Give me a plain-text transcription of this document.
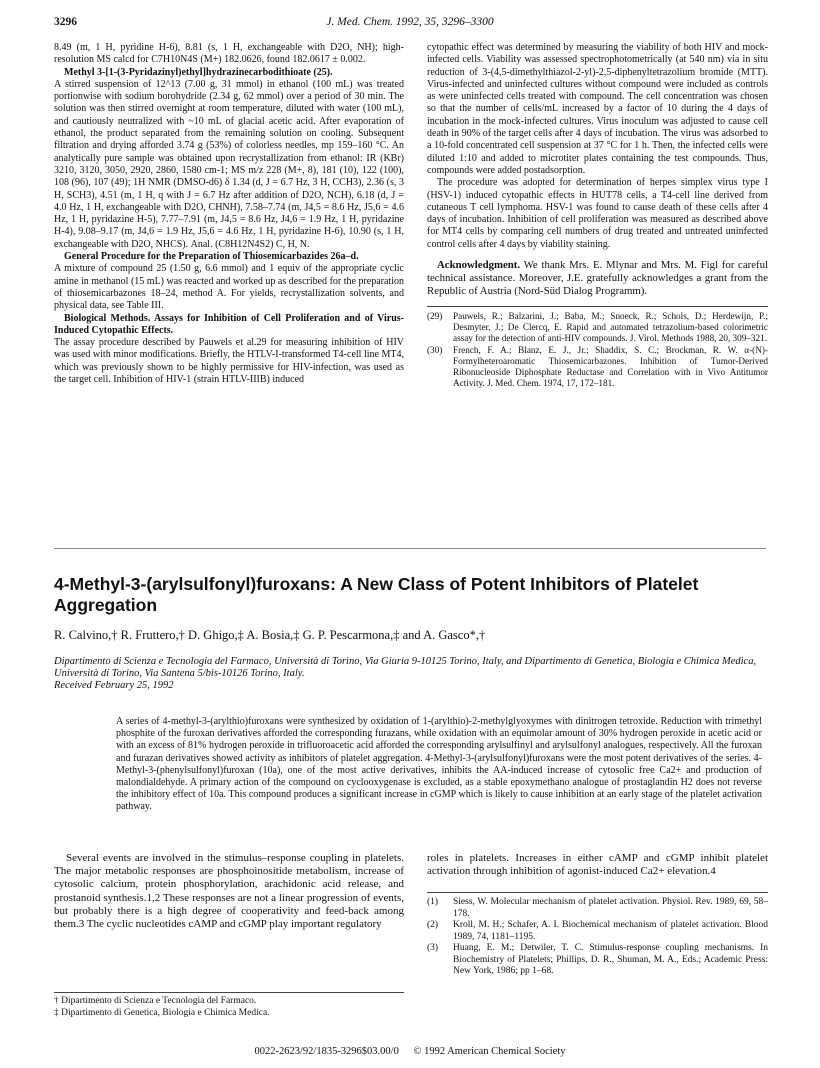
3296	J. Med. Chem. 1992, 35, 3296–3300

8.49 (m, 1 H, pyridine H-6), 8.81 (s, 1 H, exchangeable with D2O, NH); high-resolution MS calcd for C7H10N4S (M+) 182.0626, found 182.0617 ± 0.002.

Methyl 3-[1-(3-Pyridazinyl)ethyl]hydrazinecarbodithioate (25).

A stirred suspension of 12^13 (7.00 g, 31 mmol) in ethanol (100 mL) was treated portionwise with sodium borohydride (2.34 g, 62 mmol) over a period of 30 min. The solution was then stirred overnight at room temperature, diluted with water (100 mL), and cautiously neutralized with ~10 mL of glacial acetic acid. After evaporation of ethanol, the product separated from the remaining solution on cooling. Subsequent filtration and drying afforded 3.74 g (53%) of colorless needles, mp 159–160 °C. An analytically pure sample was obtained upon recrystallization from ethanol: IR (KBr) 3210, 3120, 3050, 2920, 2860, 1580 cm-1; MS m/z 228 (M+, 8), 181 (10), 122 (100), 108 (96), 107 (49); 1H NMR (DMSO-d6) δ 1.34 (d, J = 6.7 Hz, 3 H, CCH3), 2.36 (s, 3 H, SCH3), 4.51 (m, 1 H, q with J = 6.7 Hz after addition of D2O, NCH), 6.18 (d, J = 4.0 Hz, 1 H, exchangeable with D2O, CHNH), 7.58–7.74 (m, J4,5 = 8.6 Hz, J5,6 = 4.6 Hz, 1 H, pyridazine H-5), 7.77–7.91 (m, J4,5 = 8.6 Hz, J4,6 = 1.9 Hz, 1 H, pyridazine H-4), 9.08–9.17 (m, J4,6 = 1.9 Hz, J5,6 = 4.6 Hz, 1 H, pyridazine H-6), 10.90 (s, 1 H, exchangeable with D2O, NHCS). Anal. (C8H12N4S2) C, H, N.

General Procedure for the Preparation of Thiosemicarbazides 26a–d.

A mixture of compound 25 (1.50 g, 6.6 mmol) and 1 equiv of the appropriate cyclic amine in methanol (15 mL) was reacted and worked up as described for the preparation of thiosemicarbazones 18–24, method A. For yields, recrystallization solvents, and physical data, see Table III.

Biological Methods. Assays for Inhibition of Cell Proliferation and of Virus-Induced Cytopathic Effects.

The assay procedure described by Pauwels et al.29 for measuring inhibition of HIV was used with minor modifications. Briefly, the HTLV-I-transformed T4-cell line MT4, which was previously shown to be highly permissive for HIV-infection, was used as the target cell. Inhibition of HIV-1 (strain HTLV-IIIB) induced

cytopathic effect was determined by measuring the viability of both HIV and mock-infected cells. Viability was assessed spectrophotometrically (at 540 nm) via in situ reduction of 3-(4,5-dimethylthiazol-2-yl)-2,5-diphenyltetrazolium bromide (MTT). Virus-infected and uninfected cultures without compound were included as controls as were uninfected cells treated with compound. The cell concentration was chosen so that the number of cells/mL increased by a factor of 10 during the 4 days of incubation in the mock-infected cultures. Virus inoculum was adjusted to cause cell death in 90% of the target cells after 4 days of incubation. The virus was adsorbed to a 10-fold concentrated cell suspension at 37 °C for 1 h. Then, the infected cells were diluted 1:10 and added to microtiter plates containing the test compounds. Thus, compounds were added postadsorption.

The procedure was adopted for determination of herpes simplex virus type I (HSV-1) induced cytopathic effects in HUT78 cells, a T4-cell line derived from cutaneous T cell lymphoma. HSV-1 was found to cause death of these cells after 4 days of incubation. Inhibition of cell proliferation was measured as described above for MT4 cells by comparing cell numbers of drug treated and untreated uninfected control cells after 4 days by viability staining.

Acknowledgment. We thank Mrs. E. Mlynar and Mrs. M. Figl for careful technical assistance. Moreover, J.E. gratefully acknowledges a grant from the Republic of Austria (Nord-Süd Dialog Programm).

(29)	Pauwels, R.; Balzarini, J.; Baba, M.; Snoeck, R.; Schols, D.; Herdewijn, P.; Desmyter, J.; De Clercq, E. Rapid and automated tetrazolium-based colorimetric assay for the detection of anti-HIV compounds. J. Virol. Methods 1988, 20, 309–321.
(30)	French, F. A.; Blanz, E. J., Jr.; Shaddix, S. C.; Brockman, R. W. α-(N)-Formylheteroaromatic Thiosemicarbazones. Inhibition of Tumor-Derived Ribonucleoside Diphosphate Reductase and Correlation with in Vivo Antitumor Activity. J. Med. Chem. 1974, 17, 172–181.
4-Methyl-3-(arylsulfonyl)furoxans: A New Class of Potent Inhibitors of Platelet Aggregation

R. Calvino,† R. Fruttero,† D. Ghigo,‡ A. Bosia,‡ G. P. Pescarmona,‡ and A. Gasco*,†

Dipartimento di Scienza e Tecnologia del Farmaco, Università di Torino, Via Giuria 9-10125 Torino, Italy, and Dipartimento di Genetica, Biologia e Chimica Medica, Università di Torino, Via Santena 5/bis-10126 Torino, Italy.
Received February 25, 1992

A series of 4-methyl-3-(arylthio)furoxans were synthesized by oxidation of 1-(arylthio)-2-methylglyoxymes with dinitrogen tetroxide. Reduction with trimethyl phosphite of the furoxan derivatives afforded the corresponding furazans, while oxidation with an equimolar amount of 30% hydrogen peroxide in acetic acid or with an excess of 81% hydrogen peroxide in trifluoroacetic acid afforded the corresponding arylsulfinyl and arylsulfonyl analogues, respectively. All the furoxan and furazan derivatives showed activity as inhibitors of platelet aggregation. 4-Methyl-3-(arylsulfonyl)furoxans were the most potent derivatives of the series. 4-Methyl-3-(phenylsulfonyl)furoxan (10a), one of the most active derivatives, inhibits the AA-induced increase of cytosolic free Ca2+ and production of malondialdehyde. A primary action of the compound on cyclooxygenase is excluded, as a stable epoxymethano analogue of prostaglandin H2 does not reverse the inhibitory effect of 10a. This compound produces a significant increase in cGMP which is likely to cause inhibition at an early stage of the platelet activation pathway.

Several events are involved in the stimulus–response coupling in platelets. The major metabolic responses are phosphoinositide metabolism, increase of cytosolic calcium, protein phosphorylation, arachidonic acid release, and prostanoid synthesis.1,2 These responses are not a linear progression of events, but probably there is a high degree of cooperativity and feed-back among them.3 The cyclic nucleotides cAMP and cGMP play important regulatory

roles in platelets. Increases in either cAMP and cGMP inhibit platelet activation through inhibition of agonist-induced Ca2+ elevation.4

(1)	Siess, W. Molecular mechanism of platelet activation. Physiol. Rev. 1989, 69, 58–178.
(2)	Kroll, M. H.; Schafer, A. I. Biochemical mechanism of platelet activation. Blood 1989, 74, 1181–1195.
(3)	Huang, E. M.; Detwiler, T. C. Stimulus-response coupling mechanisms. In Biochemistry of Platelets; Phillips, D. R., Shuman, M. A., Eds.; Academic Press: New York, 1986; pp 1–68.

† Dipartimento di Scienza e Tecnologia del Farmaco.

‡ Dipartimento di Genetica, Biologia e Chimica Medica.

0022-2623/92/1835-3296$03.00/0 © 1992 American Chemical Society
